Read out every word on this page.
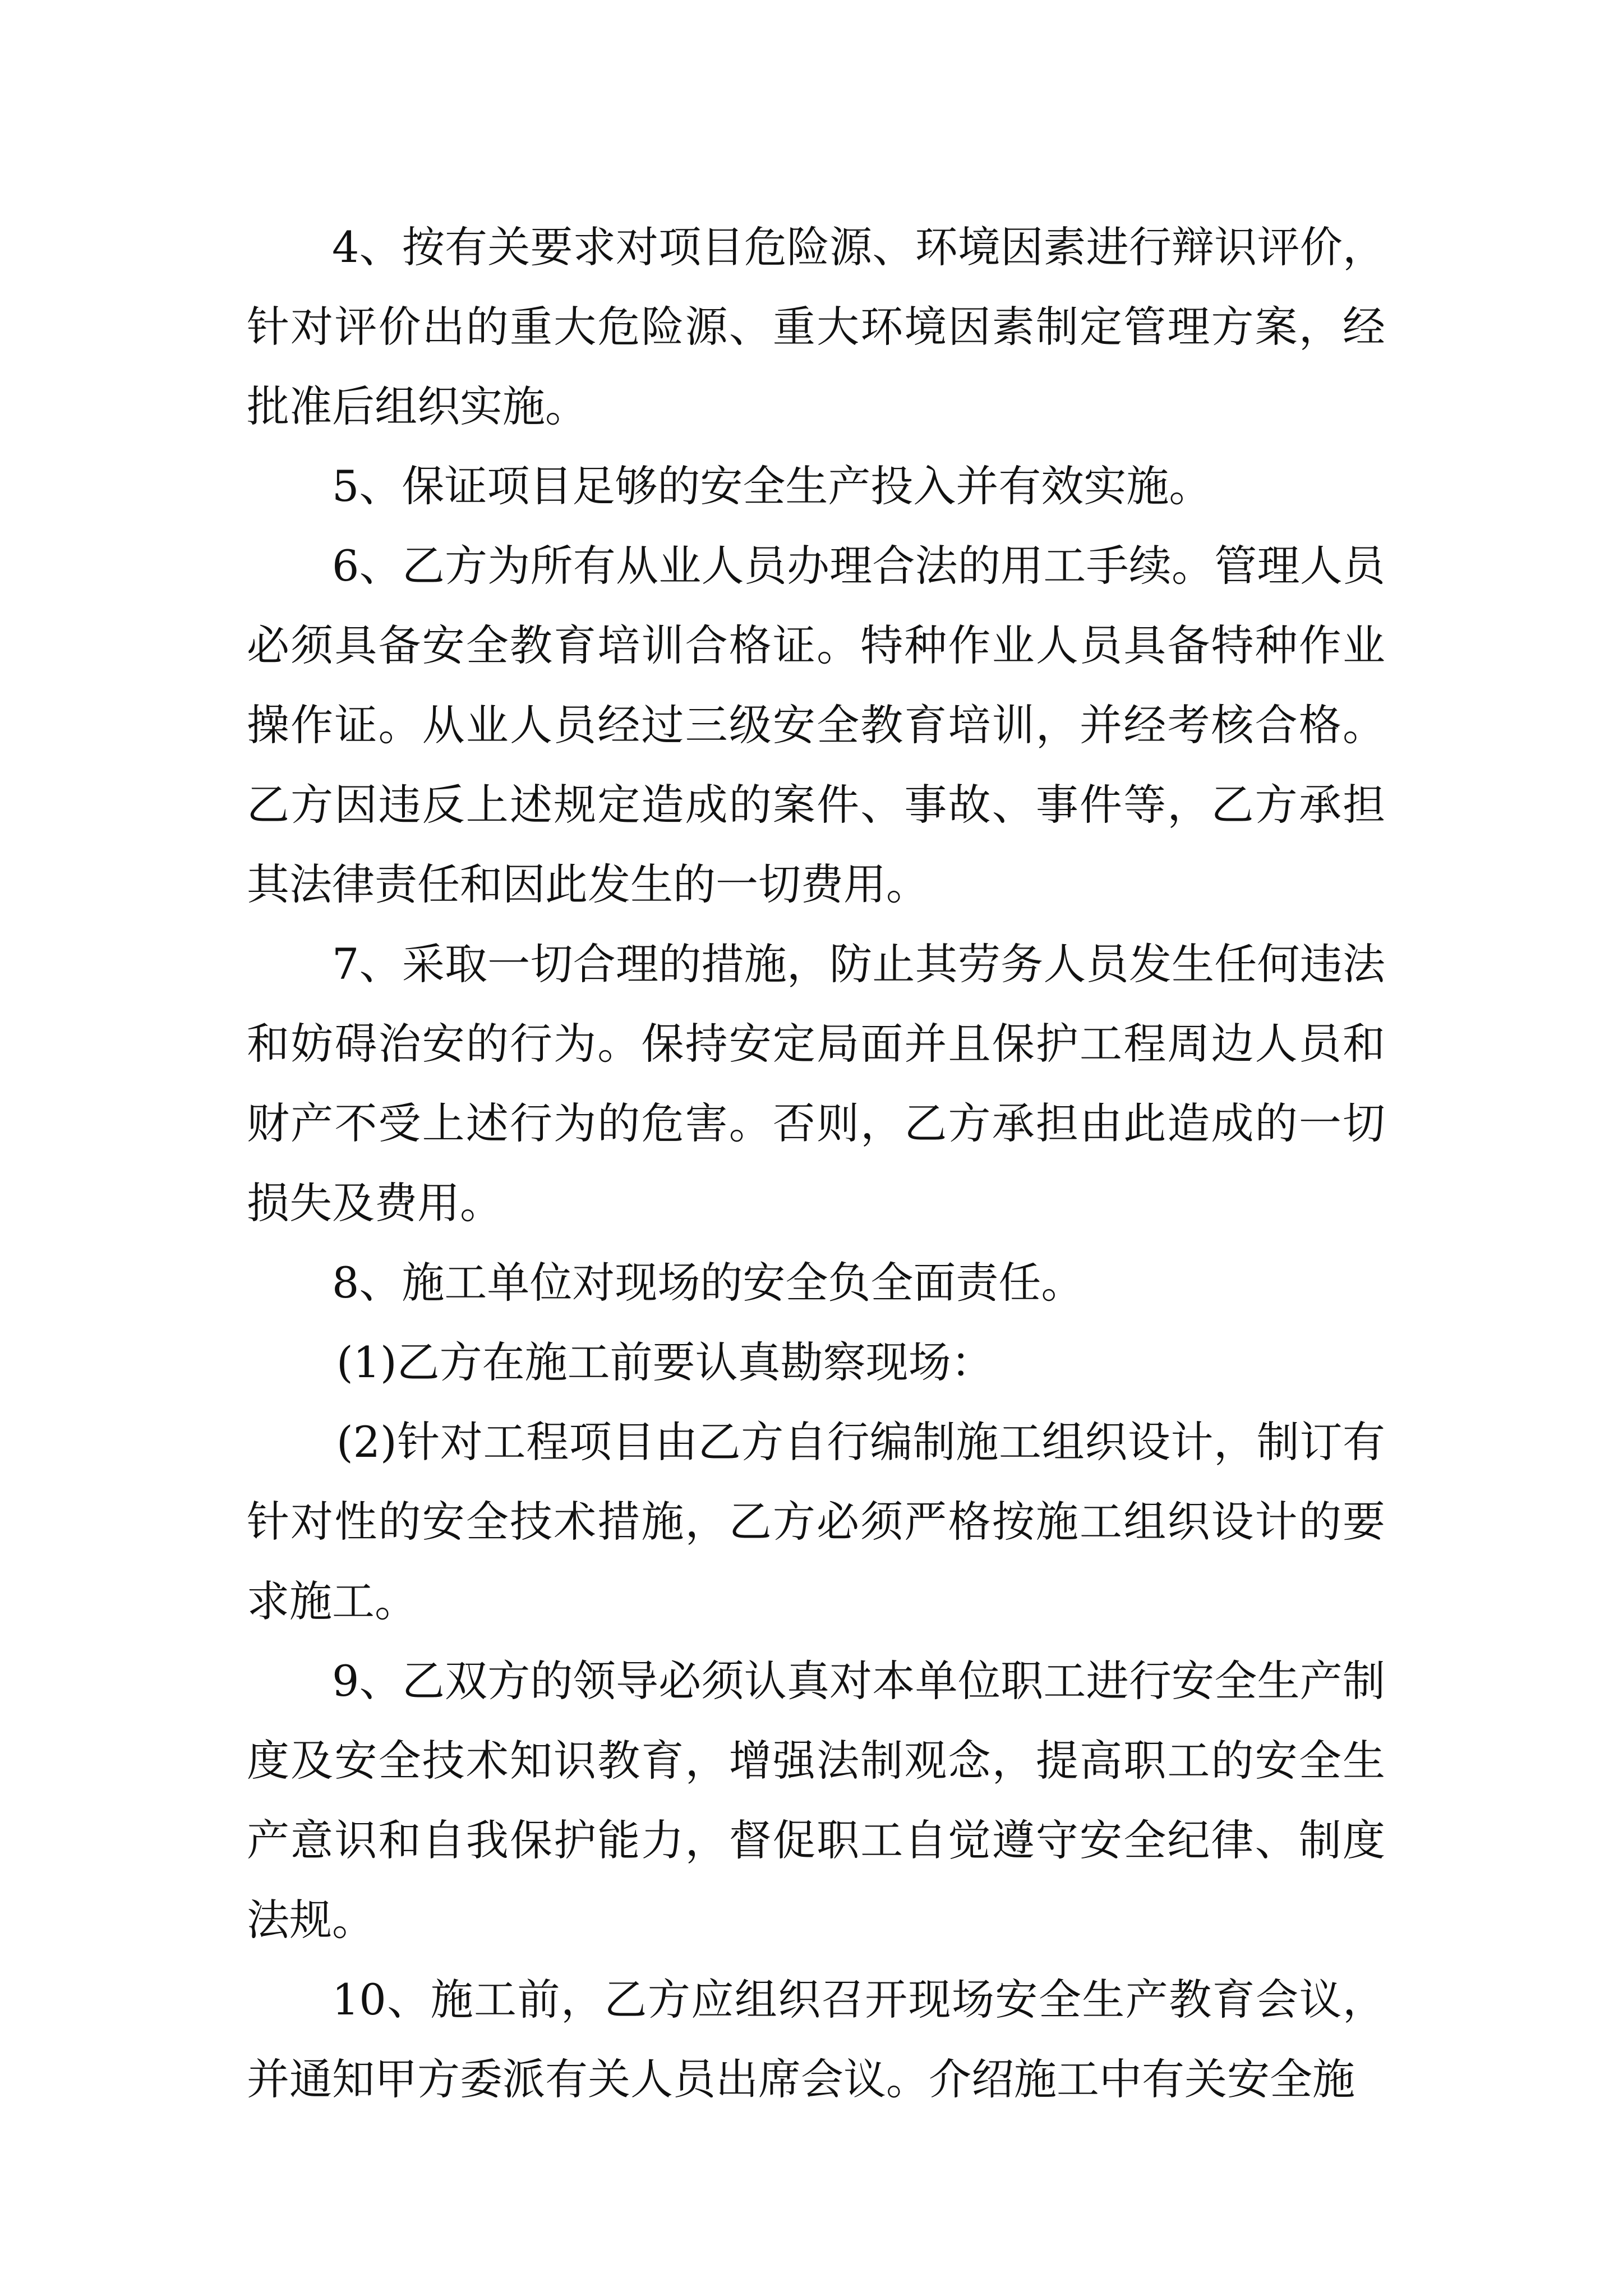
4、按有关要求对项目危险源、环境因素进行辩识评价，针对评价出的重大危险源、重大环境因素制定管理方案，经批准后组织实施。

5、保证项目足够的安全生产投入并有效实施。

6、乙方为所有从业人员办理合法的用工手续。管理人员必须具备安全教育培训合格证。特种作业人员具备特种作业操作证。从业人员经过三级安全教育培训，并经考核合格。乙方因违反上述规定造成的案件、事故、事件等，乙方承担其法律责任和因此发生的一切费用。

7、采取一切合理的措施，防止其劳务人员发生任何违法和妨碍治安的行为。保持安定局面并且保护工程周边人员和财产不受上述行为的危害。否则，乙方承担由此造成的一切损失及费用。

8、施工单位对现场的安全负全面责任。

(1)乙方在施工前要认真勘察现场：

(2)针对工程项目由乙方自行编制施工组织设计，制订有针对性的安全技术措施，乙方必须严格按施工组织设计的要求施工。

9、乙双方的领导必须认真对本单位职工进行安全生产制度及安全技术知识教育，增强法制观念，提高职工的安全生产意识和自我保护能力，督促职工自觉遵守安全纪律、制度法规。

10、施工前，乙方应组织召开现场安全生产教育会议，并通知甲方委派有关人员出席会议。介绍施工中有关安全施
